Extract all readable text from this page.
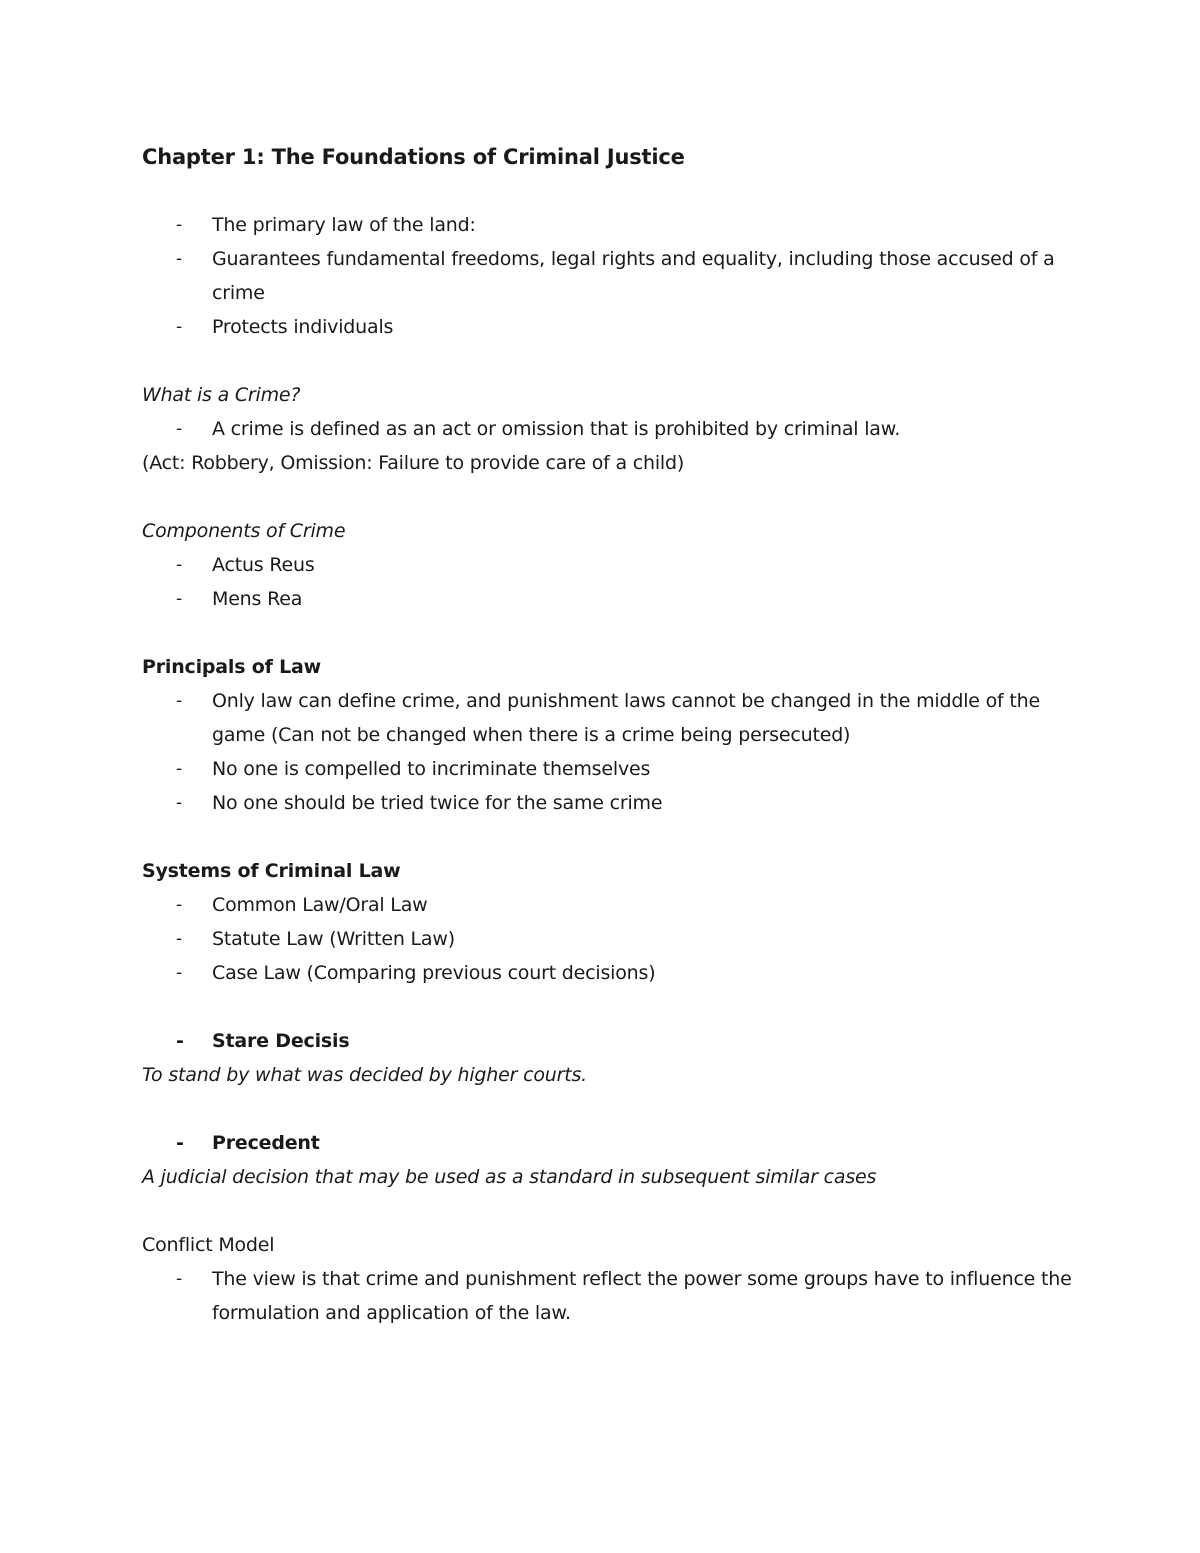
Chapter 1: The Foundations of Criminal Justice
- The primary law of the land:
- Guarantees fundamental freedoms, legal rights and equality, including those accused of a crime
- Protects individuals

What is a Crime?

- A crime is defined as an act or omission that is prohibited by criminal law.

(Act: Robbery, Omission: Failure to provide care of a child)

Components of Crime

- Actus Reus
- Mens Rea

Principals of Law

- Only law can define crime, and punishment laws cannot be changed in the middle of the game (Can not be changed when there is a crime being persecuted)
- No one is compelled to incriminate themselves
- No one should be tried twice for the same crime

Systems of Criminal Law

- Common Law/Oral Law
- Statute Law (Written Law)
- Case Law (Comparing previous court decisions)

- Stare Decisis

To stand by what was decided by higher courts.

- Precedent

A judicial decision that may be used as a standard in subsequent similar cases

Conflict Model

- The view is that crime and punishment reflect the power some groups have to influence the formulation and application of the law.
